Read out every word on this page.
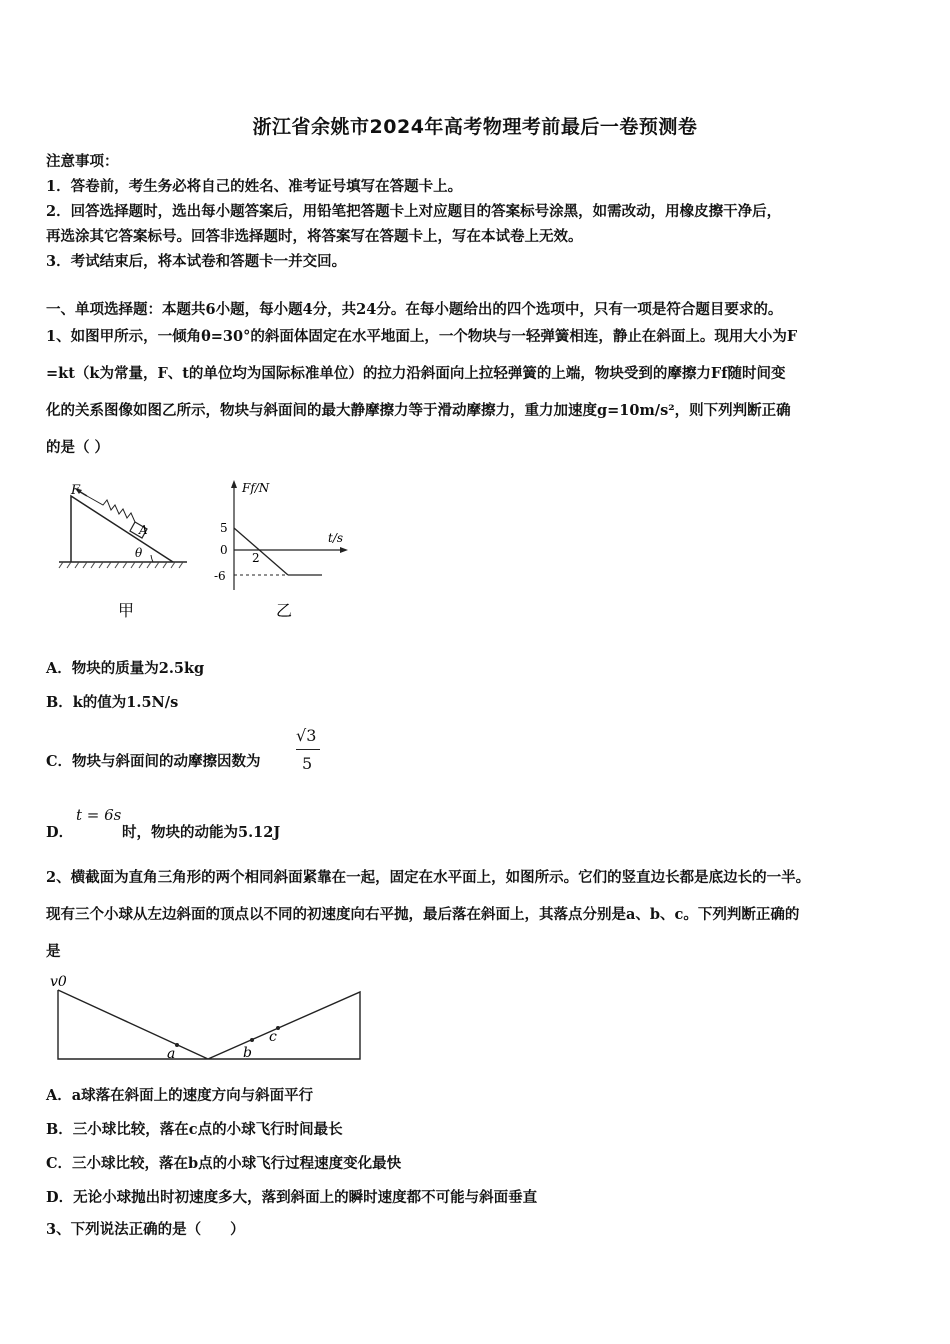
浙江省余姚市2024年高考物理考前最后一卷预测卷
注意事项：
1．答卷前，考生务必将自己的姓名、准考证号填写在答题卡上。
2．回答选择题时，选出每小题答案后，用铅笔把答题卡上对应题目的答案标号涂黑，如需改动，用橡皮擦干净后，
再选涂其它答案标号。回答非选择题时，将答案写在答题卡上，写在本试卷上无效。
3．考试结束后，将本试卷和答题卡一并交回。
一、单项选择题：本题共6小题，每小题4分，共24分。在每小题给出的四个选项中，只有一项是符合题目要求的。
1、如图甲所示，一倾角θ=30°的斜面体固定在水平地面上，一个物块与一轻弹簧相连，静止在斜面上。现用大小为F
=kt（k为常量，F、t的单位均为国际标准单位）的拉力沿斜面向上拉轻弹簧的上端，物块受到的摩擦力Ff随时间变
化的关系图像如图乙所示，物块与斜面间的最大静摩擦力等于滑动摩擦力，重力加速度g=10m/s²，则下列判断正确
的是（ ）
F
A
θ
甲
Ff/N
t/s
5
0
-6
2
乙
A．物块的质量为2.5kg
B．k的值为1.5N/s
C．物块与斜面间的动摩擦因数为
√3
5
D．
t = 6s
时，物块的动能为5.12J
2、横截面为直角三角形的两个相同斜面紧靠在一起，固定在水平面上，如图所示。它们的竖直边长都是底边长的一半。
现有三个小球从左边斜面的顶点以不同的初速度向右平抛，最后落在斜面上，其落点分别是a、b、c。下列判断正确的
是
v0
a	b
c
A．a球落在斜面上的速度方向与斜面平行
B．三小球比较，落在c点的小球飞行时间最长
C．三小球比较，落在b点的小球飞行过程速度变化最快
D．无论小球抛出时初速度多大，落到斜面上的瞬时速度都不可能与斜面垂直
3、下列说法正确的是（　　）
